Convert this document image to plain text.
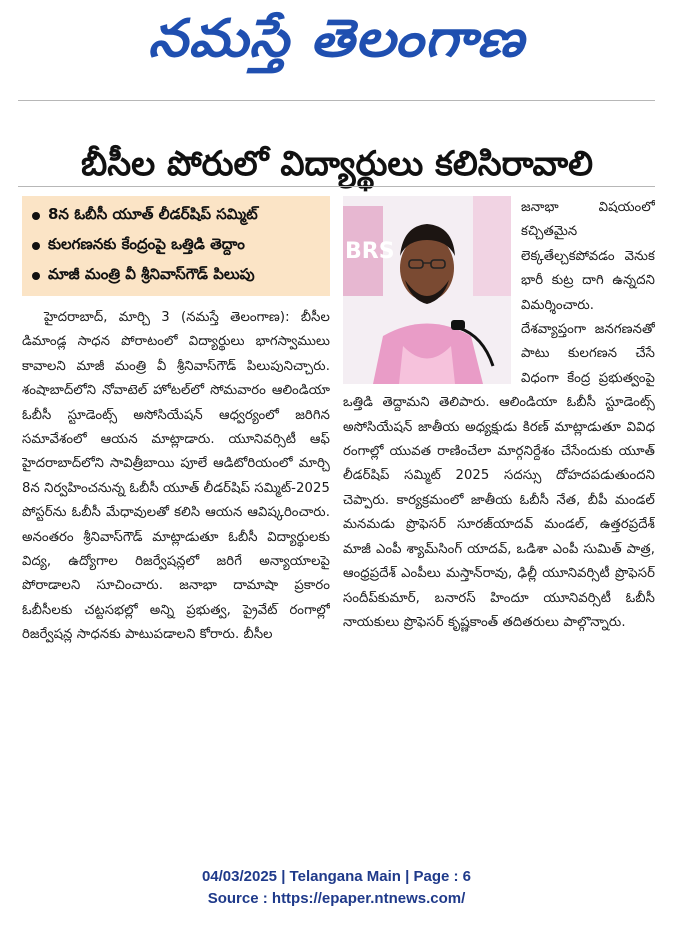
నమస్తే తెలంగాణ
బీసీల పోరులో విద్యార్థులు కలిసిరావాలి
8న ఓబీసీ యూత్ లీడర్‌షిప్ సమ్మిట్
కులగణనకు కేంద్రంపై ఒత్తిడి తెద్దాం
మాజీ మంత్రి వీ శ్రీనివాస్‌గౌడ్ పిలుపు

హైదరాబాద్, మార్చి 3 (నమస్తే తెలంగాణ): బీసీల డిమాండ్ల సాధన పోరాటంలో విద్యార్థులు భాగస్వాములు కావాలని మాజీ మంత్రి వీ శ్రీనివాస్‌గౌడ్ పిలుపునిచ్చారు. శంషాబాద్‌లోని నోవాటెల్ హోటల్‌లో సోమవారం ఆలిండియా ఓబీసీ స్టూడెంట్స్ అసోసియేషన్ ఆధ్వర్యంలో జరిగిన సమావేశంలో ఆయన మాట్లాడారు. యూనివర్సిటీ ఆఫ్ హైదరాబాద్‌లోని సావిత్రీబాయి పూలే ఆడిటోరియంలో మార్చి 8న నిర్వహించనున్న ఓబీసీ యూత్ లీడర్‌షిప్ సమ్మిట్-2025 పోస్టర్‌ను ఓబీసీ మేధావులతో కలిసి ఆయన ఆవిష్కరించారు. అనంతరం శ్రీనివాస్‌గౌడ్ మాట్లాడుతూ ఓబీసీ విద్యార్థులకు విద్య, ఉద్యోగాల రిజర్వేషన్లలో జరిగే అన్యాయాలపై పోరాడాలని సూచించారు. జనాభా దామాషా ప్రకారం ఓబీసీలకు చట్టసభల్లో అన్ని ప్రభుత్వ, ప్రైవేట్ రంగాల్లో రిజర్వేషన్ల సాధనకు పాటుపడాలని కోరారు. బీసీల

BRS

జనాభా విషయంలో కచ్చితమైన లెక్కతేల్చకపోవడం వెనుక భారీ కుట్ర దాగి ఉన్నదని విమర్శించారు. దేశవ్యాప్తంగా జనగణనతో పాటు కులగణన చేసే విధంగా కేంద్ర ప్రభుత్వంపై ఒత్తిడి తెద్దామని తెలిపారు. ఆలిండియా ఓబీసీ స్టూడెంట్స్ అసోసియేషన్ జాతీయ అధ్యక్షుడు కిరణ్ మాట్లాడుతూ వివిధ రంగాల్లో యువత రాణించేలా మార్గనిర్దేశం చేసేందుకు యూత్ లీడర్‌షిప్ సమ్మిట్ 2025 సదస్సు దోహదపడుతుందని చెప్పారు. కార్యక్రమంలో జాతీయ ఓబీసీ నేత, బీపీ మండల్ మనమడు ప్రొఫెసర్ సూరజ్‌యాదవ్ మండల్, ఉత్తరప్రదేశ్ మాజీ ఎంపీ శ్యామ్‌సింగ్ యాదవ్, ఒడిశా ఎంపీ సుమిత్ పాత్ర, ఆంధ్రప్రదేశ్ ఎంపీలు మస్తాన్‌రావు, ఢిల్లీ యూనివర్సిటీ ప్రొఫెసర్ సందీప్‌కుమార్, బనారస్ హిందూ యూనివర్సిటీ ఓబీసీ నాయకులు ప్రొఫెసర్ కృష్ణకాంత్ తదితరులు పాల్గొన్నారు.

04/03/2025 | Telangana Main | Page : 6
Source : https://epaper.ntnews.com/
